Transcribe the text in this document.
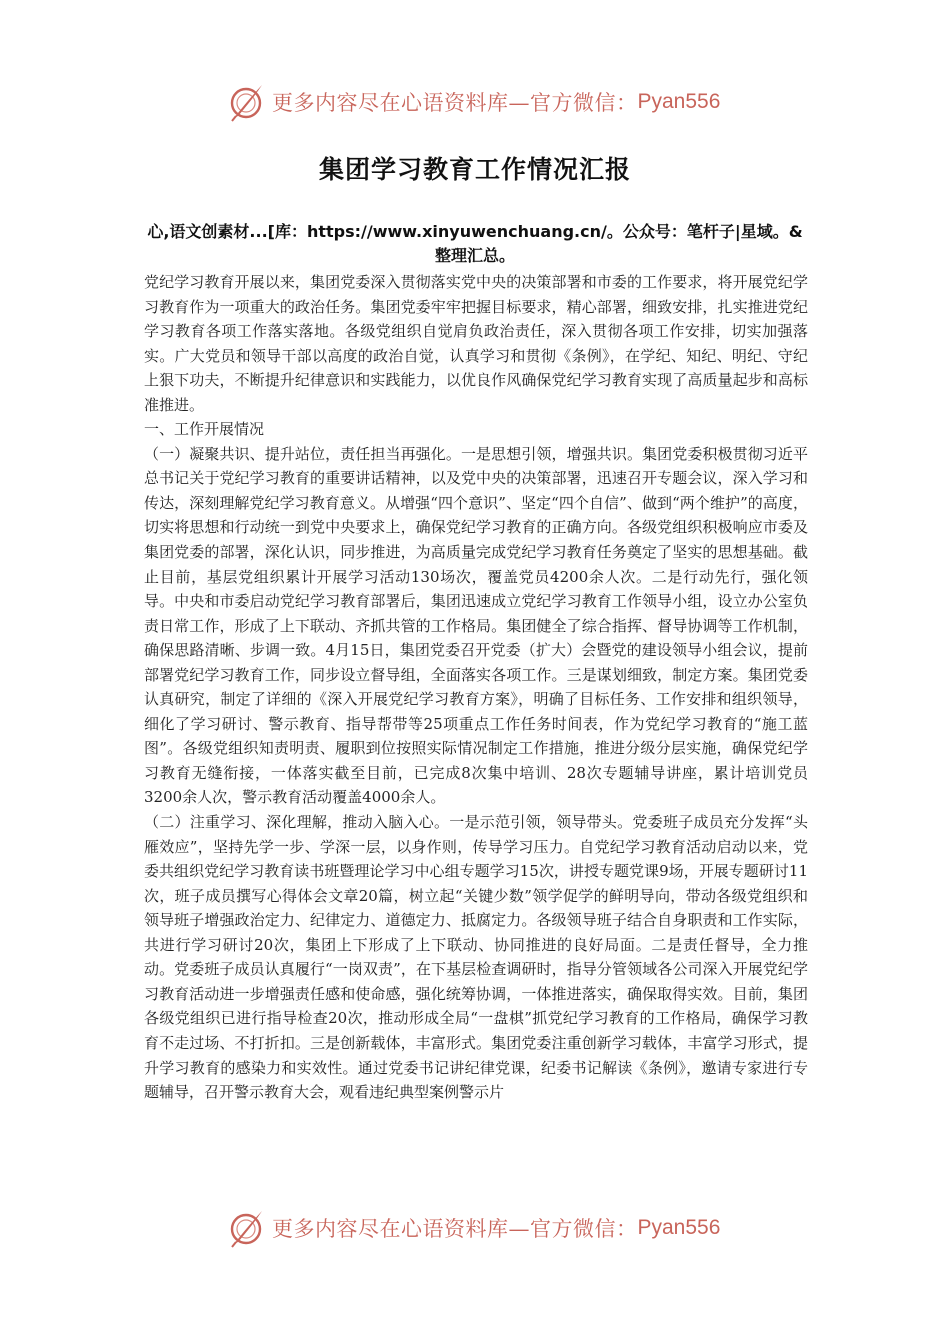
更多内容尽在心语资料库—官方微信： Pyan556
集团学习教育工作情况汇报
心,语文创素材...[库：https://www.xinyuwenchuang.cn/。公众号：笔杆子|星域。&整理汇总。

党纪学习教育开展以来，集团党委深入贯彻落实党中央的决策部署和市委的工作要求，将开展党纪学习教育作为一项重大的政治任务。集团党委牢牢把握目标要求，精心部署，细致安排，扎实推进党纪学习教育各项工作落实落地。各级党组织自觉肩负政治责任，深入贯彻各项工作安排，切实加强落实。广大党员和领导干部以高度的政治自觉，认真学习和贯彻《条例》，在学纪、知纪、明纪、守纪上狠下功夫，不断提升纪律意识和实践能力，以优良作风确保党纪学习教育实现了高质量起步和高标准推进。

一、工作开展情况

（一）凝聚共识、提升站位，责任担当再强化。一是思想引领，增强共识。集团党委积极贯彻习近平总书记关于党纪学习教育的重要讲话精神，以及党中央的决策部署，迅速召开专题会议，深入学习和传达，深刻理解党纪学习教育意义。从增强“四个意识”、坚定“四个自信”、做到“两个维护”的高度，切实将思想和行动统一到党中央要求上，确保党纪学习教育的正确方向。各级党组织积极响应市委及集团党委的部署，深化认识，同步推进，为高质量完成党纪学习教育任务奠定了坚实的思想基础。截止目前，基层党组织累计开展学习活动130场次，覆盖党员4200余人次。二是行动先行，强化领导。中央和市委启动党纪学习教育部署后，集团迅速成立党纪学习教育工作领导小组，设立办公室负责日常工作，形成了上下联动、齐抓共管的工作格局。集团健全了综合指挥、督导协调等工作机制，确保思路清晰、步调一致。4月15日，集团党委召开党委（扩大）会暨党的建设领导小组会议，提前部署党纪学习教育工作，同步设立督导组，全面落实各项工作。三是谋划细致，制定方案。集团党委认真研究，制定了详细的《深入开展党纪学习教育方案》，明确了目标任务、工作安排和组织领导，细化了学习研讨、警示教育、指导帮带等25项重点工作任务时间表，作为党纪学习教育的“施工蓝图”。各级党组织知责明责、履职到位按照实际情况制定工作措施，推进分级分层实施，确保党纪学习教育无缝衔接，一体落实截至目前，已完成8次集中培训、28次专题辅导讲座，累计培训党员3200余人次，警示教育活动覆盖4000余人。

（二）注重学习、深化理解，推动入脑入心。一是示范引领，领导带头。党委班子成员充分发挥“头雁效应”，坚持先学一步、学深一层，以身作则，传导学习压力。自党纪学习教育活动启动以来，党委共组织党纪学习教育读书班暨理论学习中心组专题学习15次，讲授专题党课9场，开展专题研讨11次，班子成员撰写心得体会文章20篇，树立起“关键少数”领学促学的鲜明导向，带动各级党组织和领导班子增强政治定力、纪律定力、道德定力、抵腐定力。各级领导班子结合自身职责和工作实际，共进行学习研讨20次，集团上下形成了上下联动、协同推进的良好局面。二是责任督导，全力推动。党委班子成员认真履行“一岗双责”，在下基层检查调研时，指导分管领域各公司深入开展党纪学习教育活动进一步增强责任感和使命感，强化统筹协调，一体推进落实，确保取得实效。目前，集团各级党组织已进行指导检查20次，推动形成全局“一盘棋”抓党纪学习教育的工作格局，确保学习教育不走过场、不打折扣。三是创新载体，丰富形式。集团党委注重创新学习载体，丰富学习形式，提升学习教育的感染力和实效性。通过党委书记讲纪律党课，纪委书记解读《条例》，邀请专家进行专题辅导，召开警示教育大会，观看违纪典型案例警示片

更多内容尽在心语资料库—官方微信： Pyan556
